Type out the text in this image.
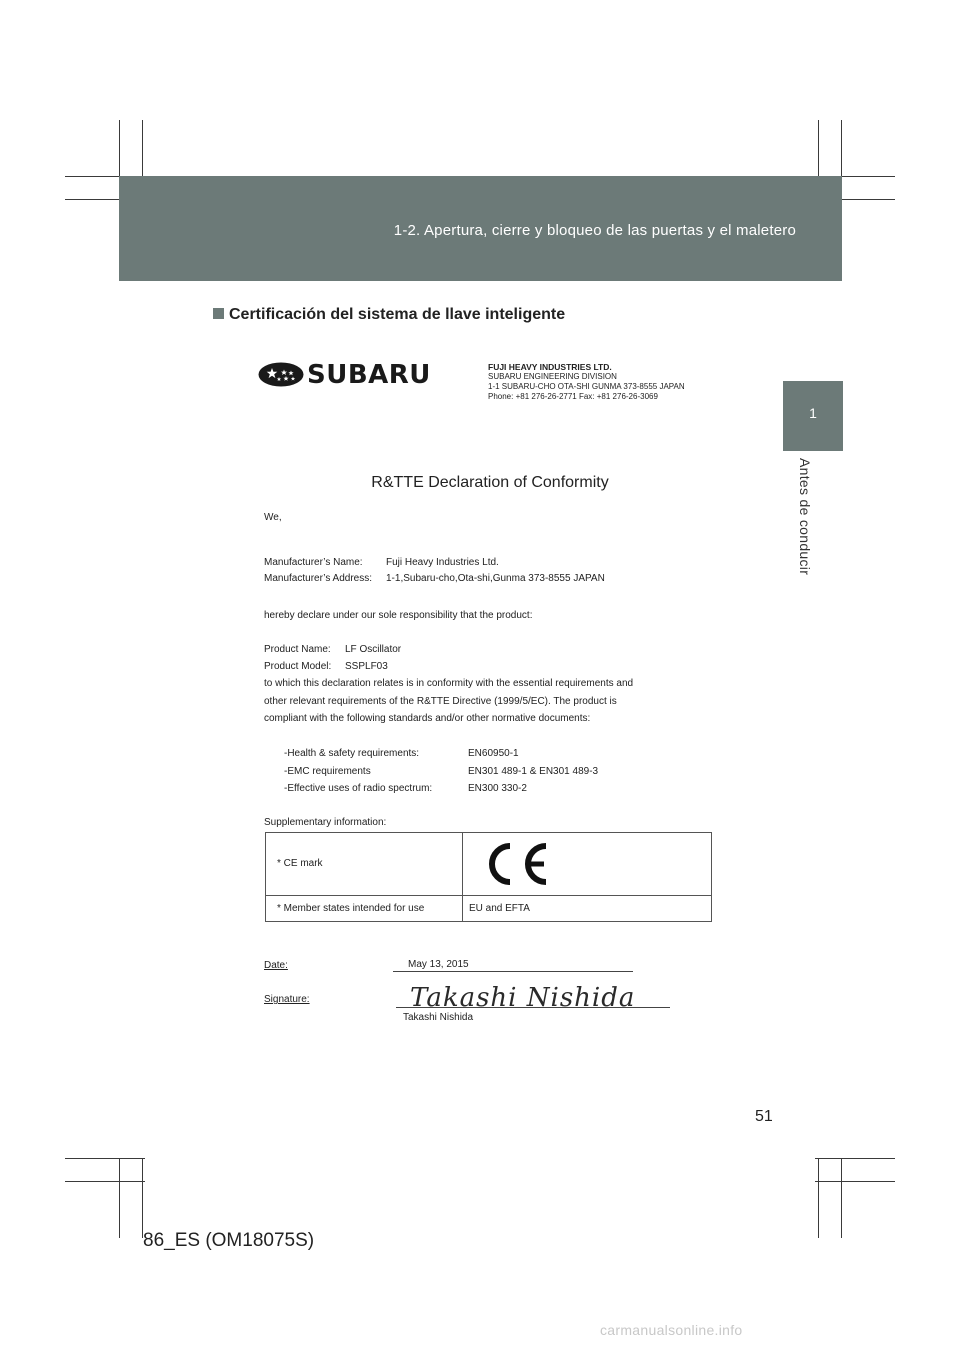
1-2. Apertura, cierre y bloqueo de las puertas y el maletero
1
Antes de conducir
Certificación del sistema de llave inteligente
SUBARU	FUJI HEAVY INDUSTRIES LTD.
SUBARU ENGINEERING DIVISION
1-1 SUBARU-CHO OTA-SHI GUNMA 373-8555 JAPAN
Phone: +81 276-26-2771 Fax: +81 276-26-3069
R&TTE Declaration of Conformity
We,
Manufacturer’s Name: Fuji Heavy Industries Ltd.
Manufacturer’s Address: 1-1,Subaru-cho,Ota-shi,Gunma 373-8555 JAPAN
hereby declare under our sole responsibility that the product:
Product Name: LF Oscillator
Product Model: SSPLF03
to which this declaration relates is in conformity with the essential requirements and
other relevant requirements of the R&TTE Directive (1999/5/EC). The product is
compliant with the following standards and/or other normative documents:
-Health & safety requirements:	EN60950-1
-EMC requirements	EN301 489-1 & EN301 489-3
-Effective uses of radio spectrum:	EN300 330-2
Supplementary information:
* CE mark
* Member states intended for use	EU and EFTA
Date:	May 13, 2015
Signature:	Takashi Nishida
Takashi Nishida
51
86_ES (OM18075S)
carmanualsonline.info
